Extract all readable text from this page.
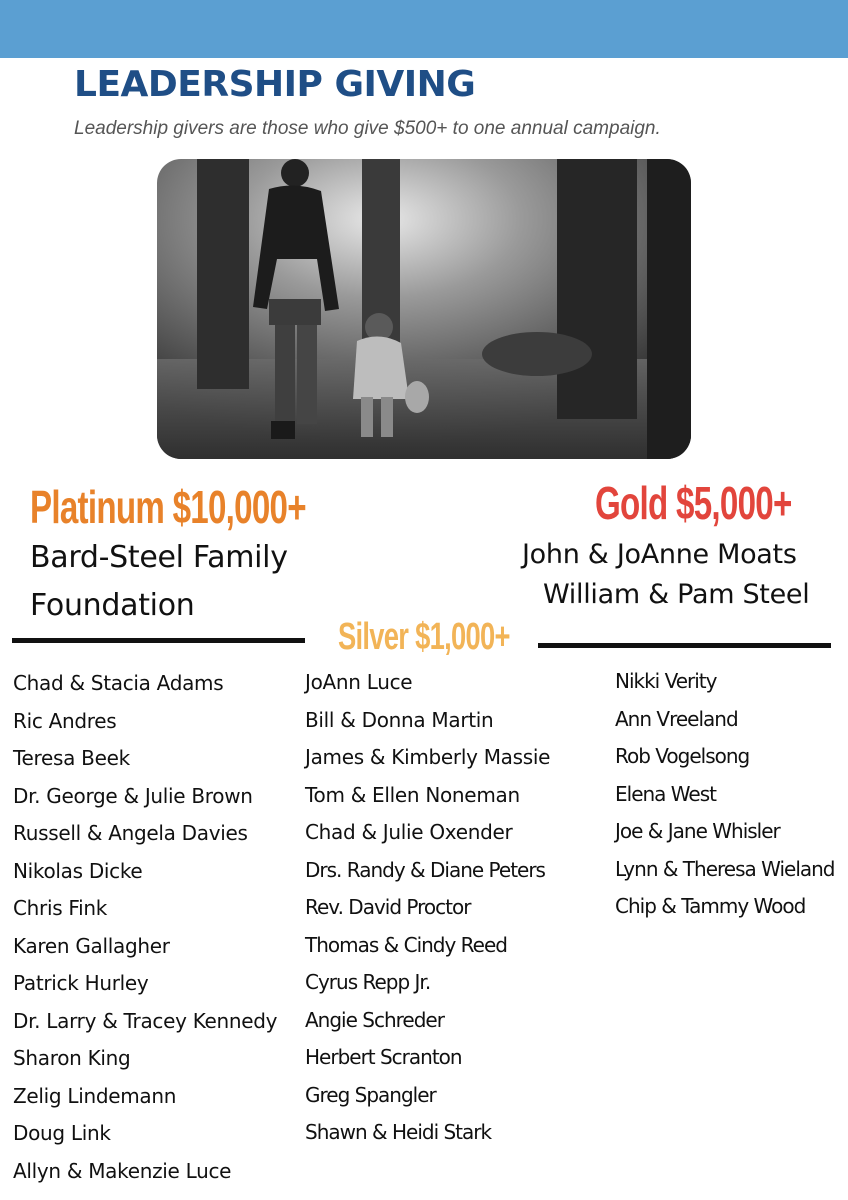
LEADERSHIP GIVING

Leadership givers are those who give $500+ to one annual campaign.

Platinum $10,000+
Bard-Steel Family
Foundation
Gold $5,000+
John & JoAnne Moats
William & Pam Steel
Silver $1,000+
Chad & Stacia Adams
Ric Andres
Teresa Beek
Dr. George & Julie Brown
Russell & Angela Davies
Nikolas Dicke
Chris Fink
Karen Gallagher
Patrick Hurley
Dr. Larry & Tracey Kennedy
Sharon King
Zelig Lindemann
Doug Link
Allyn & Makenzie Luce
JoAnn Luce
Bill & Donna Martin
James & Kimberly Massie
Tom & Ellen Noneman
Chad & Julie Oxender
Drs. Randy & Diane Peters
Rev. David Proctor
Thomas & Cindy Reed
Cyrus Repp Jr.
Angie Schreder
Herbert Scranton
Greg Spangler
Shawn & Heidi Stark
Nikki Verity
Ann Vreeland
Rob Vogelsong
Elena West
Joe & Jane Whisler
Lynn & Theresa Wieland
Chip & Tammy Wood
